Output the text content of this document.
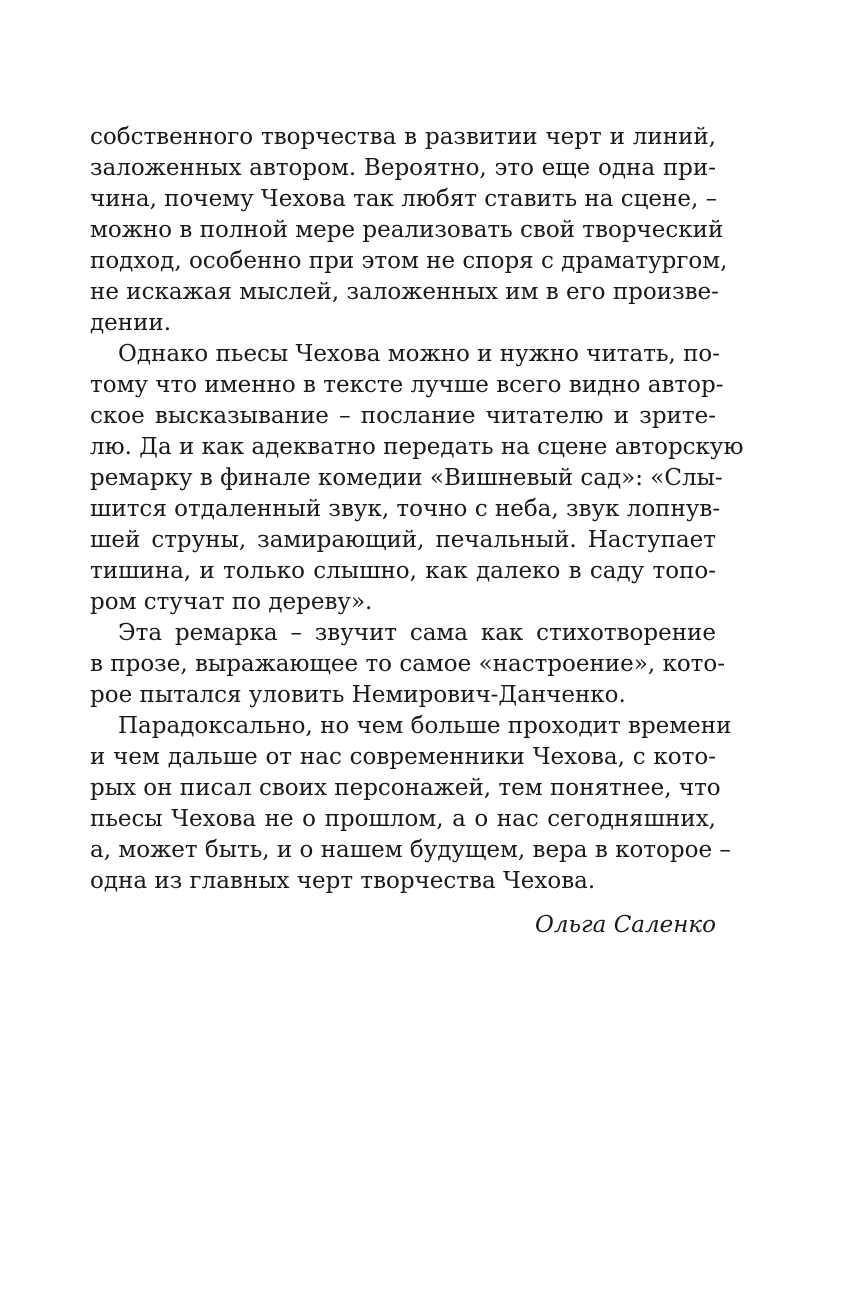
собственного творчества в развитии черт и линий,
заложенных автором. Вероятно, это еще одна при-
чина, почему Чехова так любят ставить на сцене, –
можно в полной мере реализовать свой творческий
подход, особенно при этом не споря с драматургом,
не искажая мыслей, заложенных им в его произве-
дении.
Однако пьесы Чехова можно и нужно читать, по-
тому что именно в тексте лучше всего видно автор-
ское высказывание – послание читателю и зрите-
лю. Да и как адекватно передать на сцене авторскую
ремарку в финале комедии «Вишневый сад»: «Слы-
шится отдаленный звук, точно с неба, звук лопнув-
шей струны, замирающий, печальный. Наступает
тишина, и только слышно, как далеко в саду топо-
ром стучат по дереву».
Эта ремарка – звучит сама как стихотворение
в прозе, выражающее то самое «настроение», кото-
рое пытался уловить Немирович-Данченко.
Парадоксально, но чем больше проходит времени
и чем дальше от нас современники Чехова, с кото-
рых он писал своих персонажей, тем понятнее, что
пьесы Чехова не о прошлом, а о нас сегодняшних,
а, может быть, и о нашем будущем, вера в которое –
одна из главных черт творчества Чехова.
Ольга Саленко
